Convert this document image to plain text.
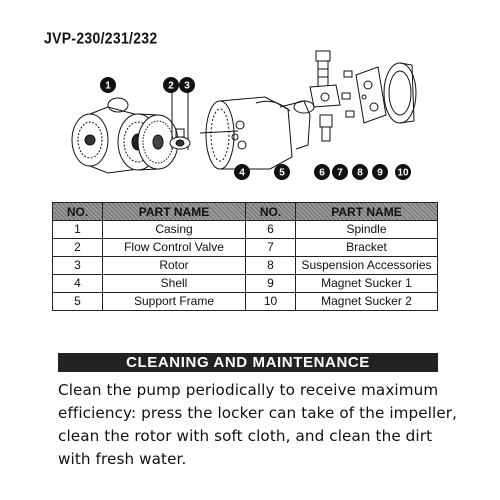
JVP-230/231/232
1	2 3
4	5	6 7 8 9 10
NO.	PART NAME	NO.	PART NAME
1	Casing	6	Spindle
2	Flow Control Valve	7	Bracket
3	Rotor	8	Suspension Accessories
4	Shell	9	Magnet Sucker 1
5	Support Frame	10	Magnet Sucker 2
CLEANING AND MAINTENANCE
Clean the pump periodically to receive maximum
efficiency: press the locker can take of the impeller,
clean the rotor with soft cloth, and clean the dirt
with fresh water.
